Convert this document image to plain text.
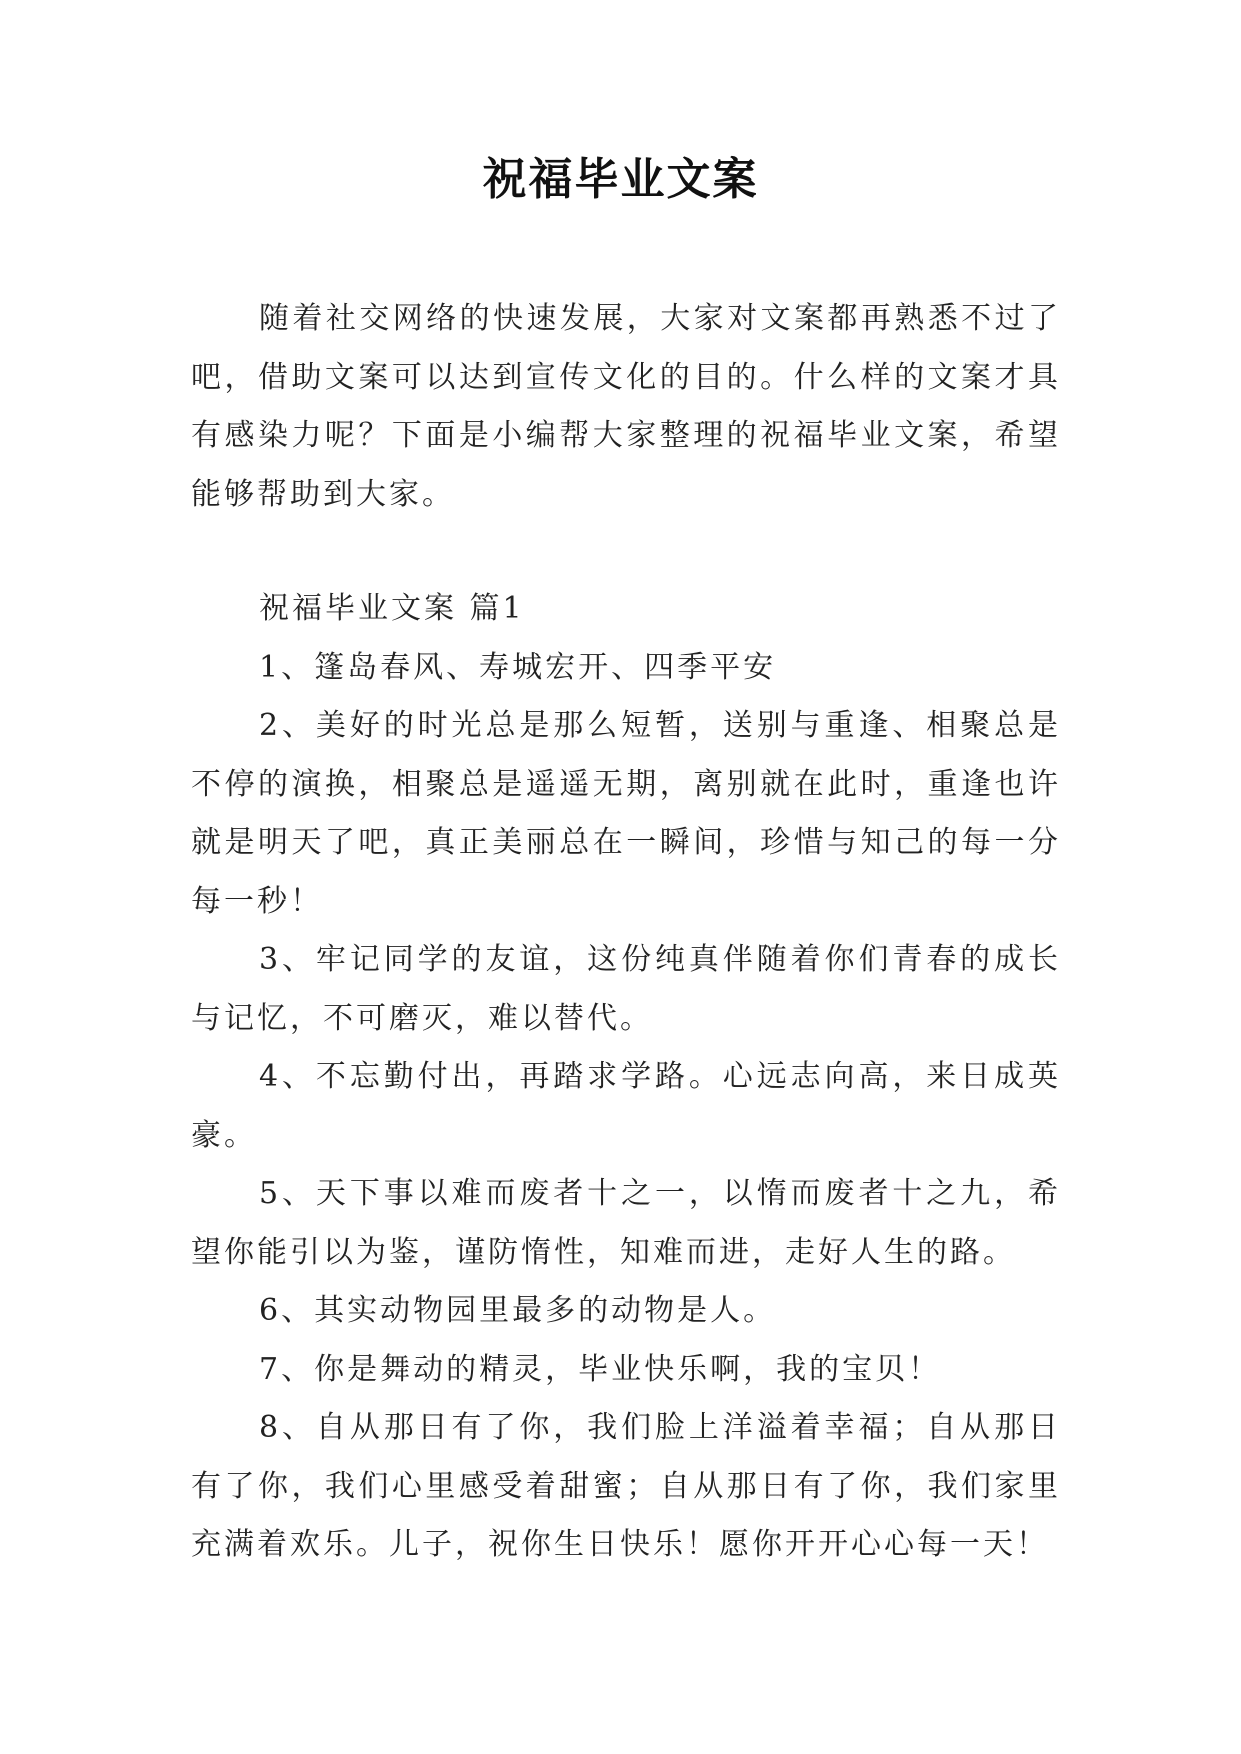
祝福毕业文案

随着社交网络的快速发展，大家对文案都再熟悉不过了吧，借助文案可以达到宣传文化的目的。什么样的文案才具有感染力呢？下面是小编帮大家整理的祝福毕业文案，希望能够帮助到大家。

祝福毕业文案 篇1

1、篷岛春风、寿城宏开、四季平安

2、美好的时光总是那么短暂，送别与重逢、相聚总是不停的演换，相聚总是遥遥无期，离别就在此时，重逢也许就是明天了吧，真正美丽总在一瞬间，珍惜与知己的每一分每一秒！

3、牢记同学的友谊，这份纯真伴随着你们青春的成长与记忆，不可磨灭，难以替代。

4、不忘勤付出，再踏求学路。心远志向高，来日成英豪。

5、天下事以难而废者十之一，以惰而废者十之九，希望你能引以为鉴，谨防惰性，知难而进，走好人生的路。

6、其实动物园里最多的动物是人。

7、你是舞动的精灵，毕业快乐啊，我的宝贝！

8、自从那日有了你，我们脸上洋溢着幸福；自从那日有了你，我们心里感受着甜蜜；自从那日有了你，我们家里充满着欢乐。儿子，祝你生日快乐！愿你开开心心每一天！
